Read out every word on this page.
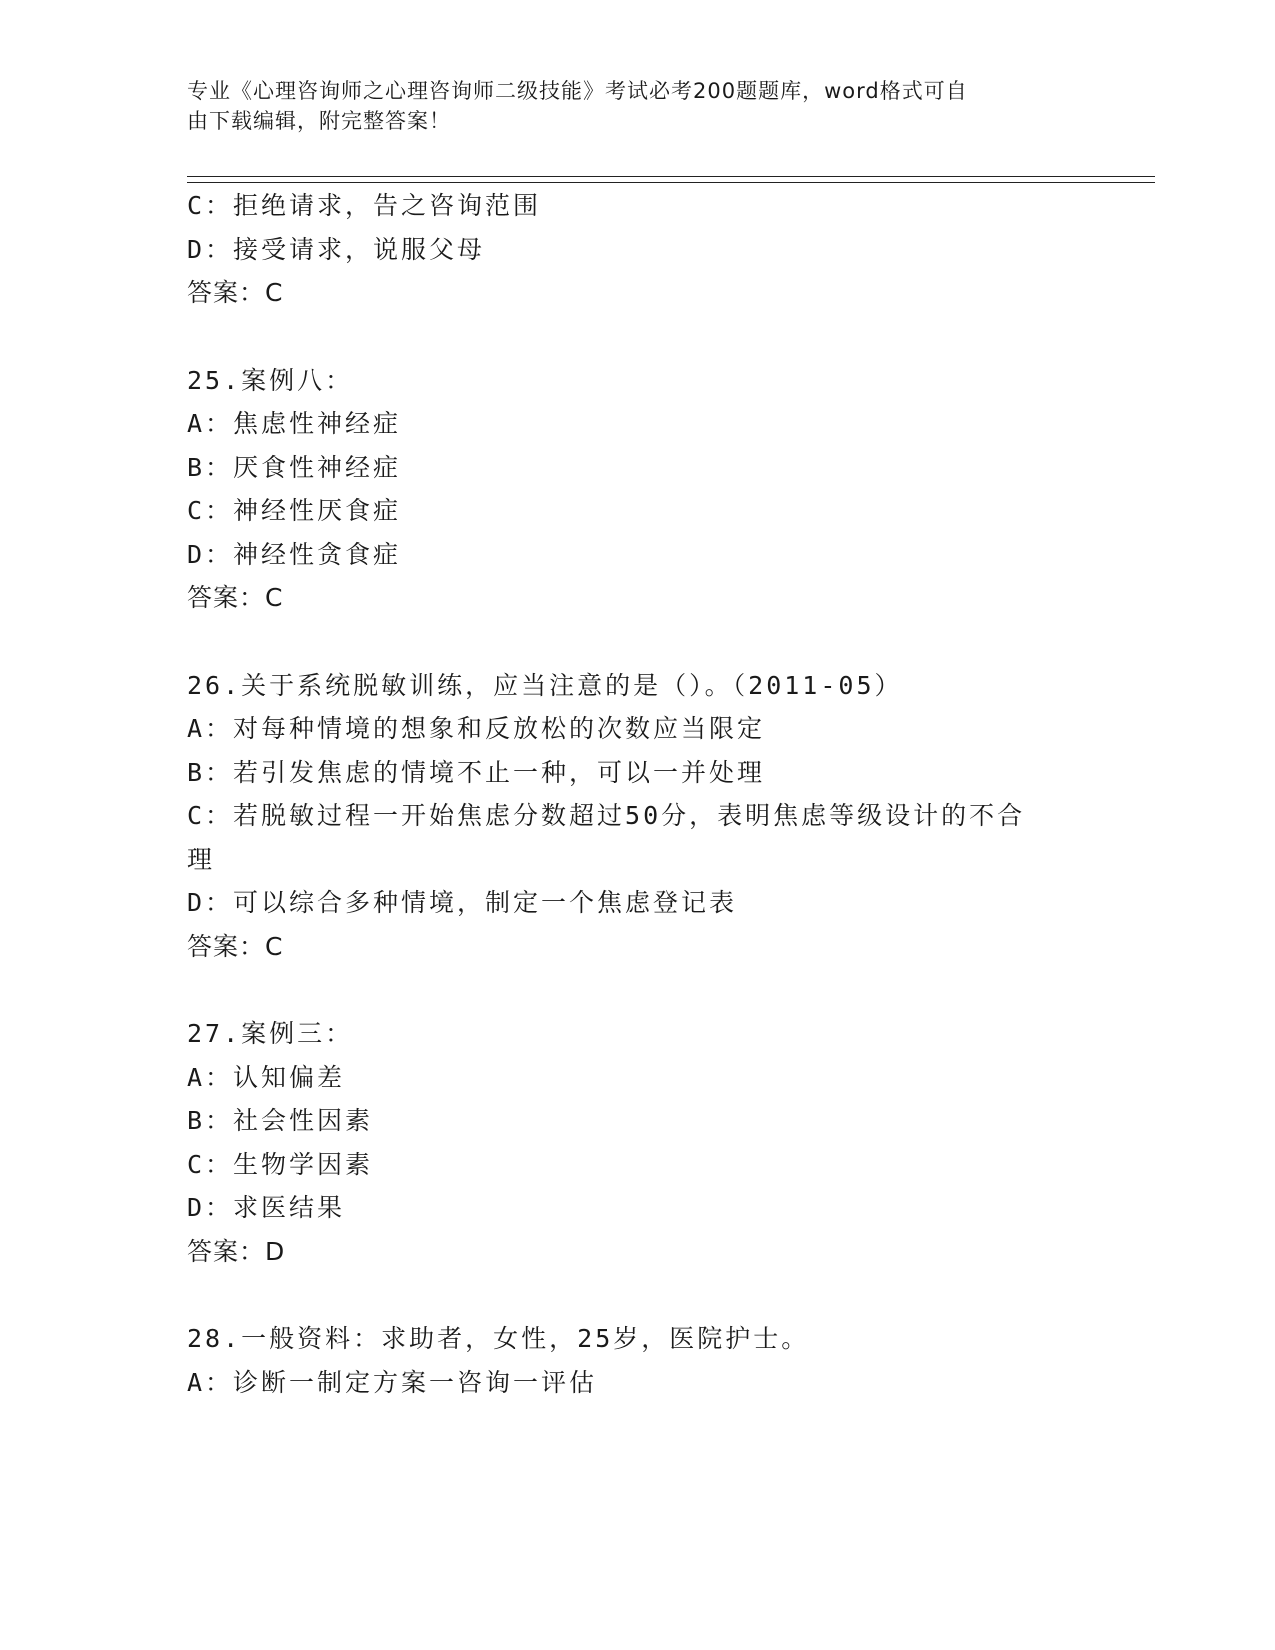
专业《心理咨询师之心理咨询师二级技能》考试必考200题题库，word格式可自
由下载编辑，附完整答案！
C：拒绝请求，告之咨询范围
D：接受请求，说服父母
答案：C
25.案例八：
A：焦虑性神经症
B：厌食性神经症
C：神经性厌食症
D：神经性贪食症
答案：C
26.关于系统脱敏训练，应当注意的是（）。（2011-05）
A：对每种情境的想象和反放松的次数应当限定
B：若引发焦虑的情境不止一种，可以一并处理
C：若脱敏过程一开始焦虑分数超过50分，表明焦虑等级设计的不合
理
D：可以综合多种情境，制定一个焦虑登记表
答案：C
27.案例三：
A：认知偏差
B：社会性因素
C：生物学因素
D：求医结果
答案：D
28.一般资料：求助者，女性，25岁，医院护士。
A：诊断一制定方案一咨询一评估
